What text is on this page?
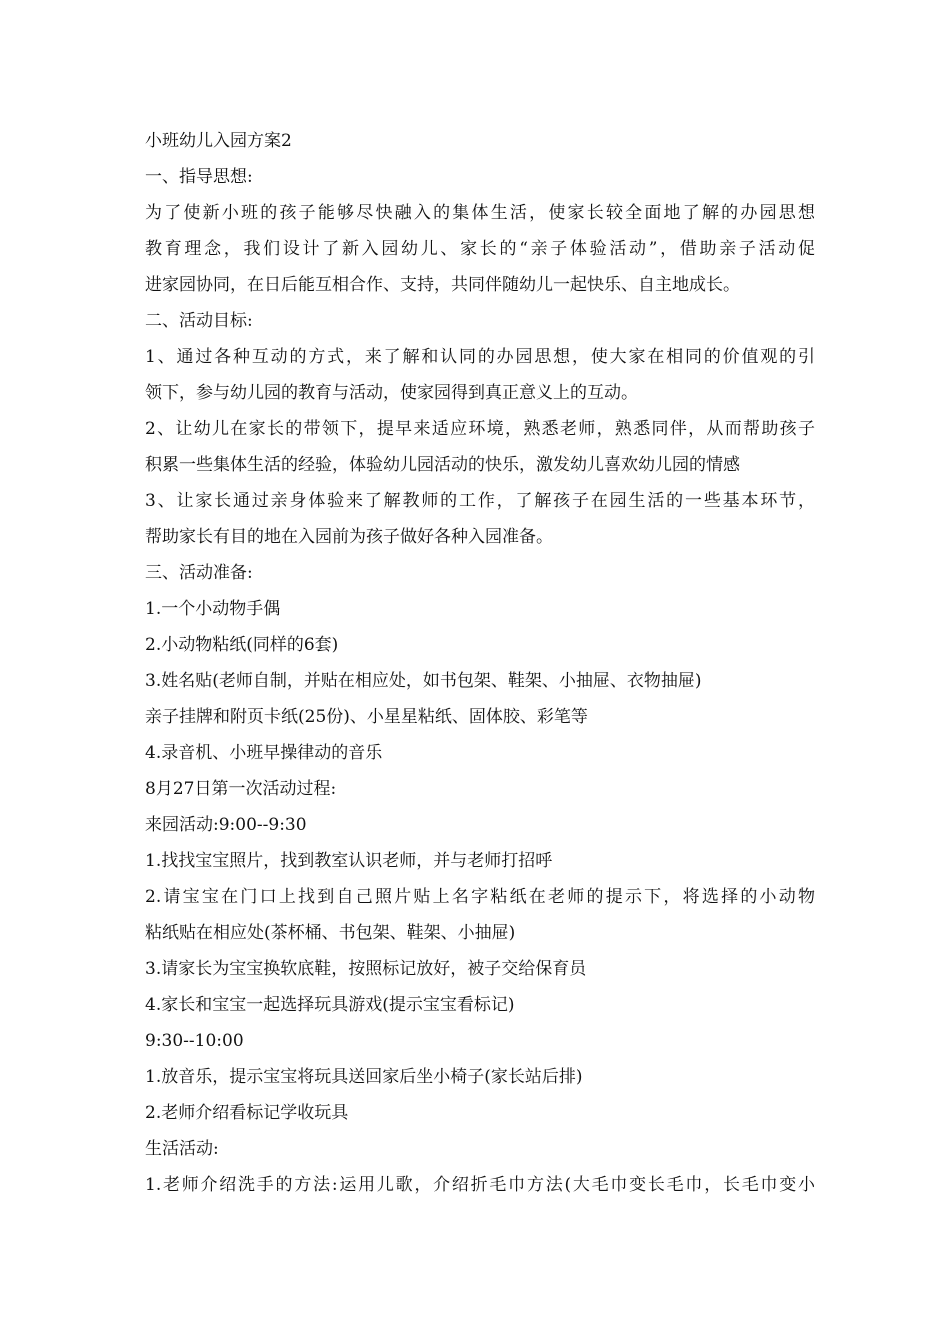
小班幼儿入园方案2
一、指导思想:
为了使新小班的孩子能够尽快融入的集体生活，使家长较全面地了解的办园思想
教育理念，我们设计了新入园幼儿、家长的“亲子体验活动”，借助亲子活动促
进家园协同，在日后能互相合作、支持，共同伴随幼儿一起快乐、自主地成长。
二、活动目标:
1、通过各种互动的方式，来了解和认同的办园思想，使大家在相同的价值观的引
领下，参与幼儿园的教育与活动，使家园得到真正意义上的互动。
2、让幼儿在家长的带领下，提早来适应环境，熟悉老师，熟悉同伴，从而帮助孩子
积累一些集体生活的经验，体验幼儿园活动的快乐，激发幼儿喜欢幼儿园的情感
3、让家长通过亲身体验来了解教师的工作，了解孩子在园生活的一些基本环节，
帮助家长有目的地在入园前为孩子做好各种入园准备。
三、活动准备:
1.一个小动物手偶
2.小动物粘纸(同样的6套)
3.姓名贴(老师自制，并贴在相应处，如书包架、鞋架、小抽屉、衣物抽屉)
亲子挂牌和附页卡纸(25份)、小星星粘纸、固体胶、彩笔等
4.录音机、小班早操律动的音乐
8月27日第一次活动过程:
来园活动:9:00--9:30
1.找找宝宝照片，找到教室认识老师，并与老师打招呼
2.请宝宝在门口上找到自己照片贴上名字粘纸在老师的提示下，将选择的小动物
粘纸贴在相应处(茶杯桶、书包架、鞋架、小抽屉)
3.请家长为宝宝换软底鞋，按照标记放好，被子交给保育员
4.家长和宝宝一起选择玩具游戏(提示宝宝看标记)
9:30--10:00
1.放音乐，提示宝宝将玩具送回家后坐小椅子(家长站后排)
2.老师介绍看标记学收玩具
生活活动:
1.老师介绍洗手的方法:运用儿歌，介绍折毛巾方法(大毛巾变长毛巾，长毛巾变小
